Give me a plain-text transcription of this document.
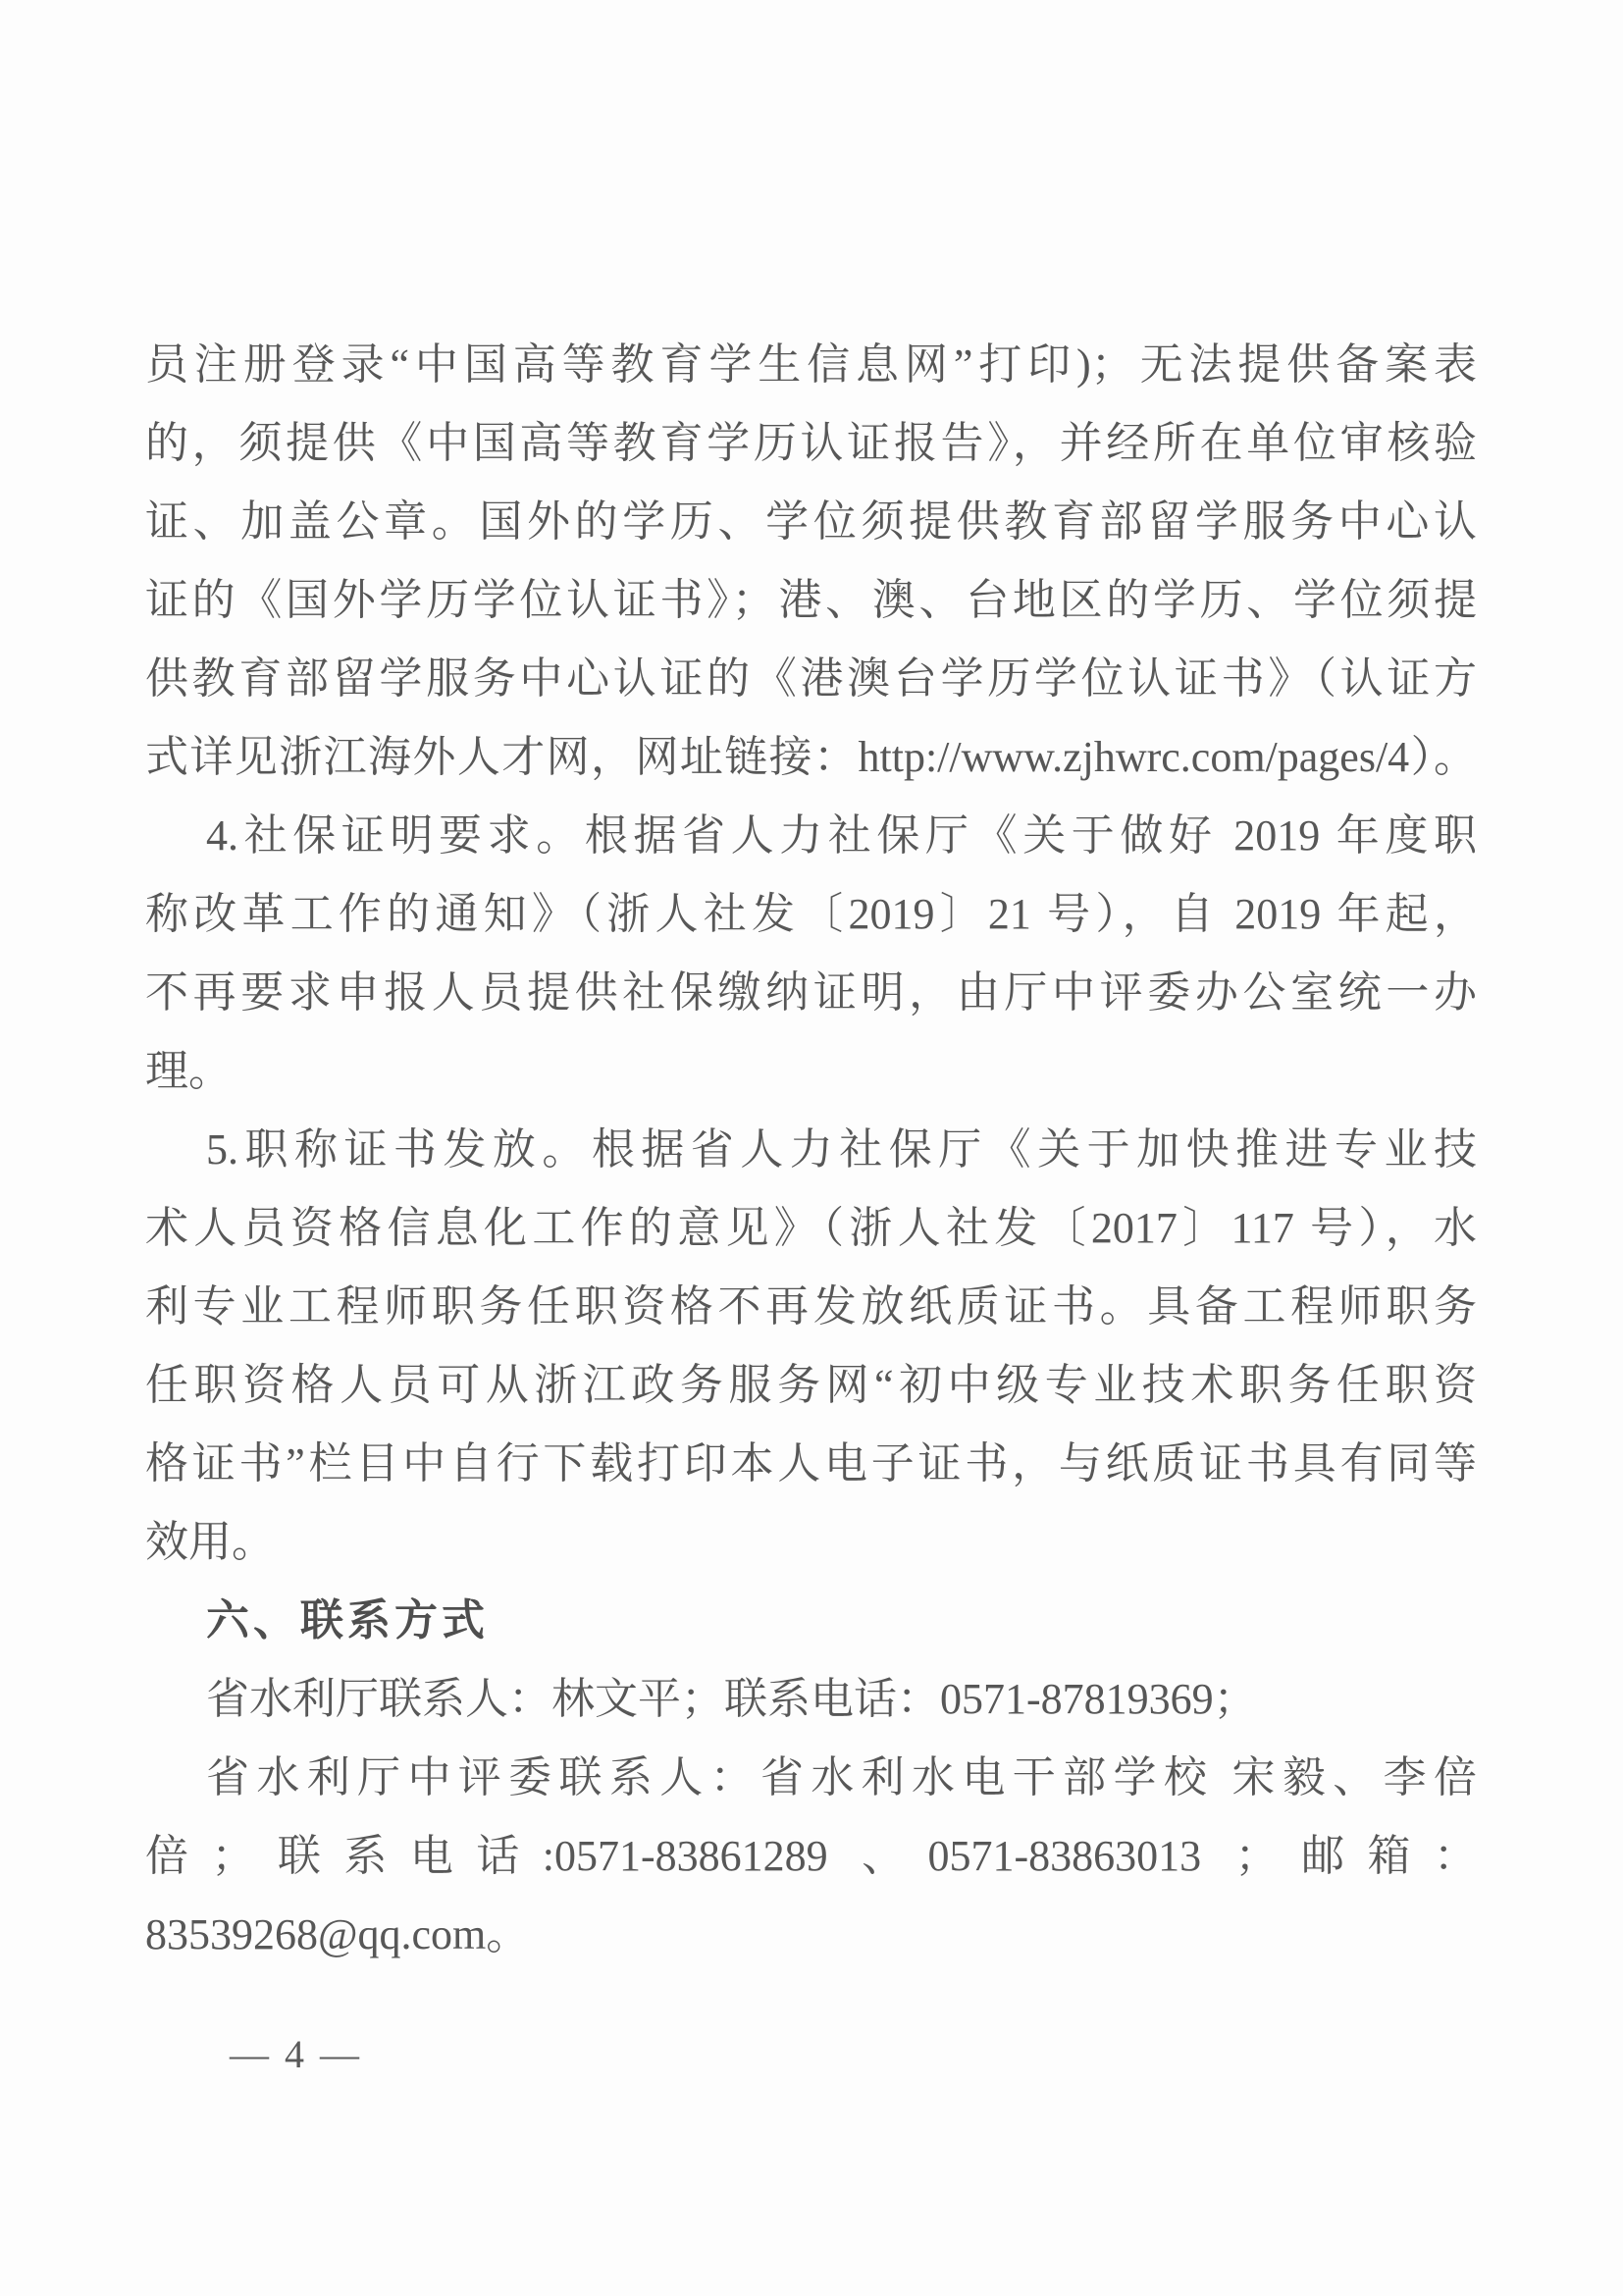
员注册登录“中国高等教育学生信息网”打印)；无法提供备案表
的，须提供《中国高等教育学历认证报告》，并经所在单位审核验
证、加盖公章。国外的学历、学位须提供教育部留学服务中心认
证的《国外学历学位认证书》；港、澳、台地区的学历、学位须提
供教育部留学服务中心认证的《港澳台学历学位认证书》（认证方
式详见浙江海外人才网，网址链接：http://www.zjhwrc.com/pages/4）。
4.社保证明要求。根据省人力社保厅《关于做好 2019 年度职
称改革工作的通知》（浙人社发〔2019〕21 号），自 2019 年起，
不再要求申报人员提供社保缴纳证明，由厅中评委办公室统一办
理。
5.职称证书发放。根据省人力社保厅《关于加快推进专业技
术人员资格信息化工作的意见》（浙人社发〔2017〕117 号），水
利专业工程师职务任职资格不再发放纸质证书。具备工程师职务
任职资格人员可从浙江政务服务网“初中级专业技术职务任职资
格证书”栏目中自行下载打印本人电子证书，与纸质证书具有同等
效用。
六、联系方式
省水利厅联系人：林文平；联系电话：0571-87819369；
省水利厅中评委联系人：省水利水电干部学校 宋毅、李倍
倍；联系电话:0571-83861289 、0571-83863013 ；邮箱：
83539268@qq.com。
— 4 —
